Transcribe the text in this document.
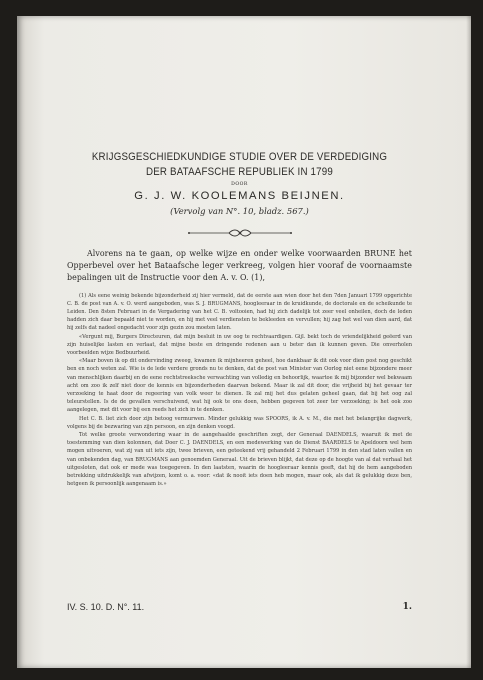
KRIJGSGESCHIEDKUNDIGE STUDIE OVER DE VERDEDIGING
DER BATAAFSCHE REPUBLIEK IN 1799
DOOR
G. J. W. KOOLEMANS BEIJNEN.
(Vervolg van N°. 10, bladz. 567.)
Alvorens na te gaan, op welke wijze en onder welke voorwaarden BRUNE het Opperbevel over het Bataafsche leger verkreeg, volgen hier vooraf de voornaamste bepalingen uit de Instructie voor den A. v. O. (1),

(1) Als eene weinig bekende bijzonderheid zij hier vermeld, dat de eerste aan wien door het den 7den Januari 1799 opgerichte C. B. de post van A. v. O. werd aangeboden, was S. J. BRUGMANS, hoogleeraar in de kruidkunde, de doctorale en de scheikunde te Leiden. Den 8sten Februari in de Vergadering van het C. B. voltooien, had hij zich dadelijk tot zeer veel onheilen, doch de leden hadden zich daar bepaald niet te worden, en hij met veel verdiensten te bekleeden en vervullen; hij zag het wel van dien aard, dat hij zelfs dat nadeel ongedacht voor zijn gezin zou moeten laten.

«Vergunt mij, Burgers Directeuren, dat mijn besluit in uw oog te rechtvaardigen. Gijl. bekt toch de vriendelijkheid geëerd van zijn huiselijke lasten en verlaat, dat mijne beste en dringende redenen aan u beter dan ik kunnen geven. Die onverholen voorbeelden wijze Bedbuurheid.

«Maar boven ik op dit ondervinding zweeg, kwamen ik mijnheeren geheel, hoe dankbaar ik dit ook voor dien post nog geschikt ben en noch weten zal. Wie is de lede verdere gronds nu te denken, dat de post van Minister van Oorlog niet eene bijzondere meer van menschlijken daarbij en de eene rechtstreeksche verwachting van volledig en behoorlijk, waartoe ik mij bijzonder wel bekwaam acht om zoo ik zelf niet door de kennis en bijzonderheden daarvan bekend. Maar ik zal dit door, die vrijheid bij het gevaar ter verzoeking te haat door de regeering van volk weer te dienen. Ik zal mij het dus gelaten geheel gaan, dat bij het oog zal teleurstellen. Is de de gevallen verschuivend, wat hij ook te ons doen, hebben gegeven tot zeer ter verzoeking; is het ook zoo aangelegen, met dit voor bij een reeds het zich in te denken.

Het C. B. liet zich door zijn betoog vermurwen. Minder gelukkig was SPOORS, ik A. v. M., die met het belangrijke dagwerk, volgens bij de bezwaring van zijn persoon, en zijn denken voogd.

Tot welke groote verwondering waar in de aangehaalde geschriften zegt, der Generaal DAENDELS, waaruit ik met de toestemming van dien kolonnen, dat Doer C. J. DAENDELS, en een medewerking van de Dienst BAARDELS te Apeldoorn wel hem mogen uitvoeren, wat zij van uit iets zijn, twee brieven, een geteekend vrij gehandeld 2 Februari 1799 in den stad laten vallen en van onbekenden dag, van BRUGMANS aan genoemden Generaal. Uit de brieven blijkt, dat deze op de hoogte van al dat verhaal het uitgesloten, dat ook er mede was toegegeven. In den laatsten, waarin de hoogleeraar kennis geeft, dat hij de hem aangeboden betrekking uitdrukkelijk van afwijzen, komt o. a. voor: «dat ik nooit iets doen heb mogen, maar ook, als dat ik gelukkig deze ben, hetgeen ik persoonlijk aangenaam is.»

IV. S. 10. D. N°. 11.	1.
